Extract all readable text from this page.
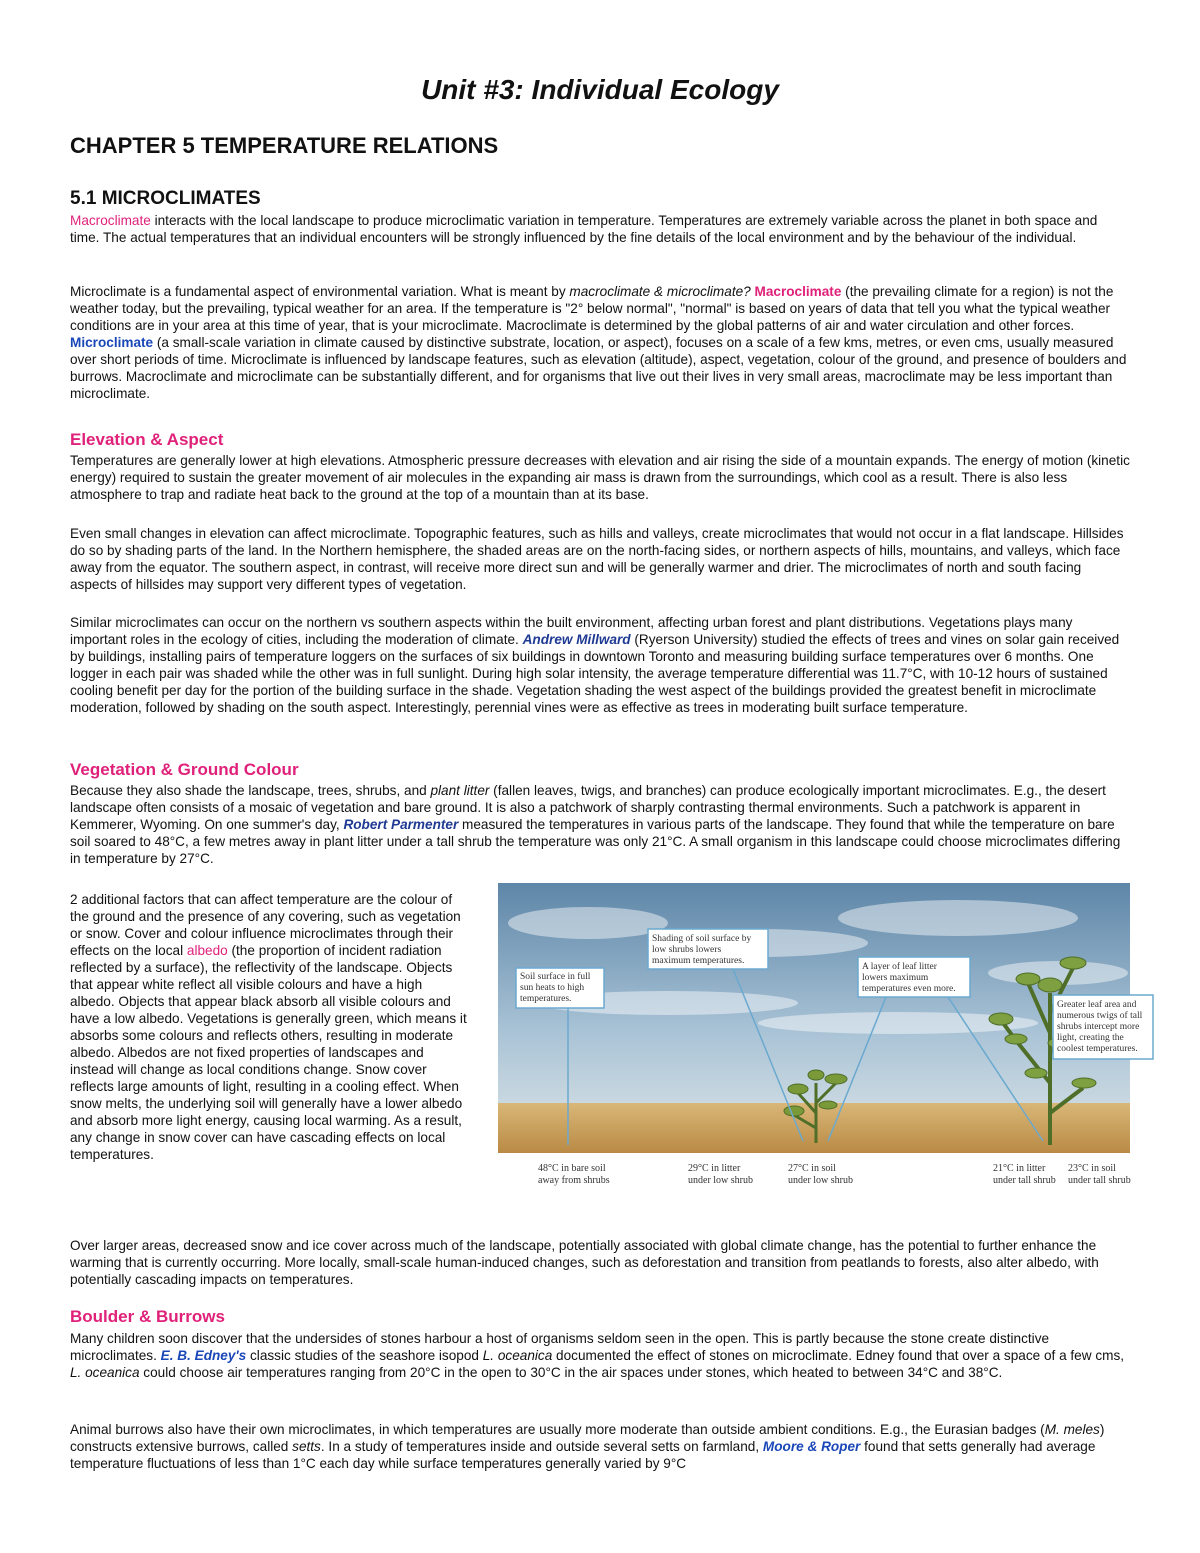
Unit #3: Individual Ecology
CHAPTER 5 TEMPERATURE RELATIONS
5.1 MICROCLIMATES

Macroclimate interacts with the local landscape to produce microclimatic variation in temperature. Temperatures are extremely variable across the planet in both space and time. The actual temperatures that an individual encounters will be strongly influenced by the fine details of the local environment and by the behaviour of the individual.

Microclimate is a fundamental aspect of environmental variation. What is meant by macroclimate & microclimate? Macroclimate (the prevailing climate for a region) is not the weather today, but the prevailing, typical weather for an area. If the temperature is "2° below normal", "normal" is based on years of data that tell you what the typical weather conditions are in your area at this time of year, that is your microclimate. Macroclimate is determined by the global patterns of air and water circulation and other forces. Microclimate (a small-scale variation in climate caused by distinctive substrate, location, or aspect), focuses on a scale of a few kms, metres, or even cms, usually measured over short periods of time. Microclimate is influenced by landscape features, such as elevation (altitude), aspect, vegetation, colour of the ground, and presence of boulders and burrows. Macroclimate and microclimate can be substantially different, and for organisms that live out their lives in very small areas, macroclimate may be less important than microclimate.

Elevation & Aspect

Temperatures are generally lower at high elevations. Atmospheric pressure decreases with elevation and air rising the side of a mountain expands. The energy of motion (kinetic energy) required to sustain the greater movement of air molecules in the expanding air mass is drawn from the surroundings, which cool as a result. There is also less atmosphere to trap and radiate heat back to the ground at the top of a mountain than at its base.

Even small changes in elevation can affect microclimate. Topographic features, such as hills and valleys, create microclimates that would not occur in a flat landscape. Hillsides do so by shading parts of the land. In the Northern hemisphere, the shaded areas are on the north-facing sides, or northern aspects of hills, mountains, and valleys, which face away from the equator. The southern aspect, in contrast, will receive more direct sun and will be generally warmer and drier. The microclimates of north and south facing aspects of hillsides may support very different types of vegetation.

Similar microclimates can occur on the northern vs southern aspects within the built environment, affecting urban forest and plant distributions. Vegetations plays many important roles in the ecology of cities, including the moderation of climate. Andrew Millward (Ryerson University) studied the effects of trees and vines on solar gain received by buildings, installing pairs of temperature loggers on the surfaces of six buildings in downtown Toronto and measuring building surface temperatures over 6 months. One logger in each pair was shaded while the other was in full sunlight. During high solar intensity, the average temperature differential was 11.7°C, with 10-12 hours of sustained cooling benefit per day for the portion of the building surface in the shade. Vegetation shading the west aspect of the buildings provided the greatest benefit in microclimate moderation, followed by shading on the south aspect. Interestingly, perennial vines were as effective as trees in moderating built surface temperature.

Vegetation & Ground Colour

Because they also shade the landscape, trees, shrubs, and plant litter (fallen leaves, twigs, and branches) can produce ecologically important microclimates. E.g., the desert landscape often consists of a mosaic of vegetation and bare ground. It is also a patchwork of sharply contrasting thermal environments. Such a patchwork is apparent in Kemmerer, Wyoming. On one summer's day, Robert Parmenter measured the temperatures in various parts of the landscape. They found that while the temperature on bare soil soared to 48°C, a few metres away in plant litter under a tall shrub the temperature was only 21°C. A small organism in this landscape could choose microclimates differing in temperature by 27°C.

2 additional factors that can affect temperature are the colour of the ground and the presence of any covering, such as vegetation or snow. Cover and colour influence microclimates through their effects on the local albedo (the proportion of incident radiation reflected by a surface), the reflectivity of the landscape. Objects that appear white reflect all visible colours and have a high albedo. Objects that appear black absorb all visible colours and have a low albedo. Vegetations is generally green, which means it absorbs some colours and reflects others, resulting in moderate albedo. Albedos are not fixed properties of landscapes and instead will change as local conditions change. Snow cover reflects large amounts of light, resulting in a cooling effect. When snow melts, the underlying soil will generally have a lower albedo and absorb more light energy, causing local warming. As a result, any change in snow cover can have cascading effects on local temperatures.

Soil surface in full
sun heats to high
temperatures.
Shading of soil surface by
low shrubs lowers
maximum temperatures.
A layer of leaf litter
lowers maximum
temperatures even more.
Greater leaf area and
numerous twigs of tall
shrubs intercept more
light, creating the
coolest temperatures.
48°C in bare soil
away from shrubs
29°C in litter
under low shrub
27°C in soil
under low shrub
21°C in litter
under tall shrub
23°C in soil
under tall shrub

Over larger areas, decreased snow and ice cover across much of the landscape, potentially associated with global climate change, has the potential to further enhance the warming that is currently occurring. More locally, small-scale human-induced changes, such as deforestation and transition from peatlands to forests, also alter albedo, with potentially cascading impacts on temperatures.

Boulder & Burrows

Many children soon discover that the undersides of stones harbour a host of organisms seldom seen in the open. This is partly because the stone create distinctive microclimates. E. B. Edney's classic studies of the seashore isopod L. oceanica documented the effect of stones on microclimate. Edney found that over a space of a few cms, L. oceanica could choose air temperatures ranging from 20°C in the open to 30°C in the air spaces under stones, which heated to between 34°C and 38°C.

Animal burrows also have their own microclimates, in which temperatures are usually more moderate than outside ambient conditions. E.g., the Eurasian badges (M. meles) constructs extensive burrows, called setts. In a study of temperatures inside and outside several setts on farmland, Moore & Roper found that setts generally had average temperature fluctuations of less than 1°C each day while surface temperatures generally varied by 9°C
